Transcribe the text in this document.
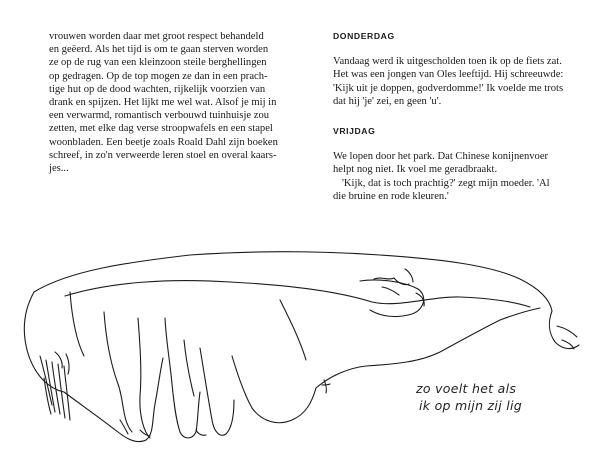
vrouwen worden daar met groot respect behandeld
en geëerd. Als het tijd is om te gaan sterven worden
ze op de rug van een kleinzoon steile berghellingen
op gedragen. Op de top mogen ze dan in een prach-
tige hut op de dood wachten, rijkelijk voorzien van
drank en spijzen. Het lijkt me wel wat. Alsof je mij in
een verwarmd, romantisch verbouwd tuinhuisje zou
zetten, met elke dag verse stroopwafels en een stapel
woonbladen. Een beetje zoals Roald Dahl zijn boeken
schreef, in zo'n verweerde leren stoel en overal kaars-
jes...
DONDERDAG
Vandaag werd ik uitgescholden toen ik op de fiets zat.
Het was een jongen van Oles leeftijd. Hij schreeuwde:
'Kijk uit je doppen, godverdomme!' Ik voelde me trots
dat hij 'je' zei, en geen 'u'.
VRIJDAG
We lopen door het park. Dat Chinese konijnenvoer
helpt nog niet. Ik voel me geradbraakt.
'Kijk, dat is toch prachtig?' zegt mijn moeder. 'Al
die bruine en rode kleuren.'
zo voelt het als
ik op mijn zij lig
